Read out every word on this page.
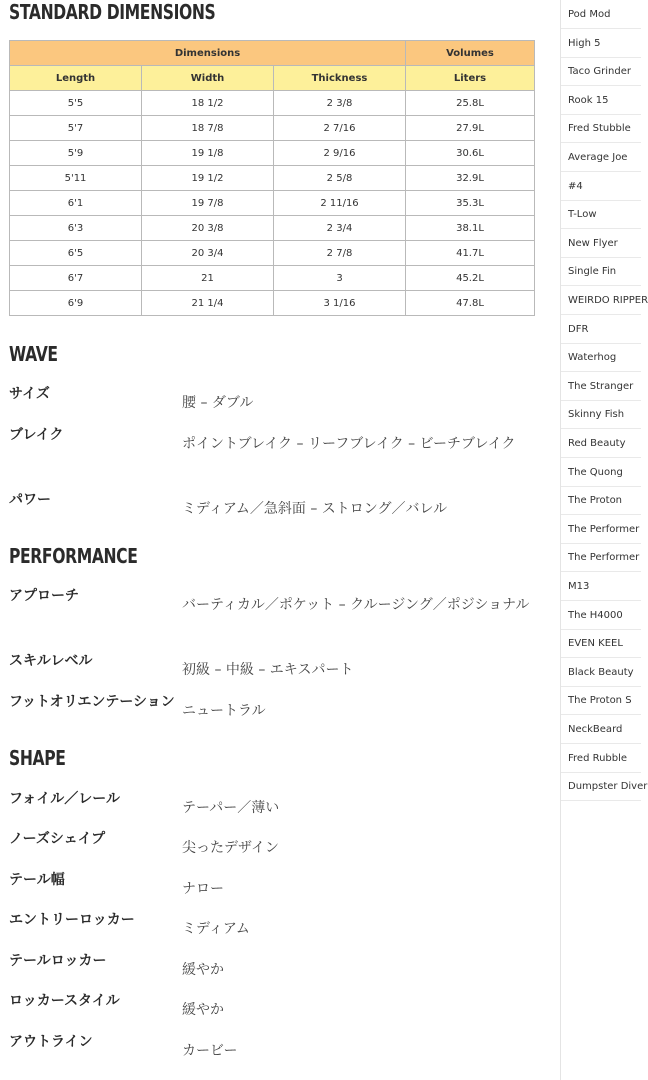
STANDARD DIMENSIONS
Dimensions			Volumes
Length	Width	Thickness	Liters
5'5	18 1/2	2 3/8	25.8L
5'7	18 7/8	2 7/16	27.9L
5'9	19 1/8	2 9/16	30.6L
5'11	19 1/2	2 5/8	32.9L
6'1	19 7/8	2 11/16	35.3L
6'3	20 3/8	2 3/4	38.1L
6'5	20 3/4	2 7/8	41.7L
6'7	21	3	45.2L
6'9	21 1/4	3 1/16	47.8L
WAVE
サイズ
腰 – ダブル
ブレイク
ポイントブレイク – リーフブレイク – ビーチブレイク
パワー
ミディアム／急斜面 – ストロング／バレル
PERFORMANCE
アプローチ
バーティカル／ポケット – クルージング／ポジショナル
スキルレベル
初級 – 中級 – エキスパート
フットオリエンテーション
ニュートラル
SHAPE
フォイル／レール
テーパー／薄い
ノーズシェイプ
尖ったデザイン
テール幅
ナロー
エントリーロッカー
ミディアム
テールロッカー
緩やか
ロッカースタイル
緩やか
アウトライン
カービー
Pod Mod
High 5
Taco Grinder
Rook 15
Fred Stubble
Average Joe
#4
T-Low
New Flyer
Single Fin
WEIRDO RIPPER
DFR
Waterhog
The Stranger
Skinny Fish
Red Beauty
The Quong
The Proton
The Performer
The Performer
M13
The H4000
EVEN KEEL
Black Beauty
The Proton S
NeckBeard
Fred Rubble
Dumpster Diver
